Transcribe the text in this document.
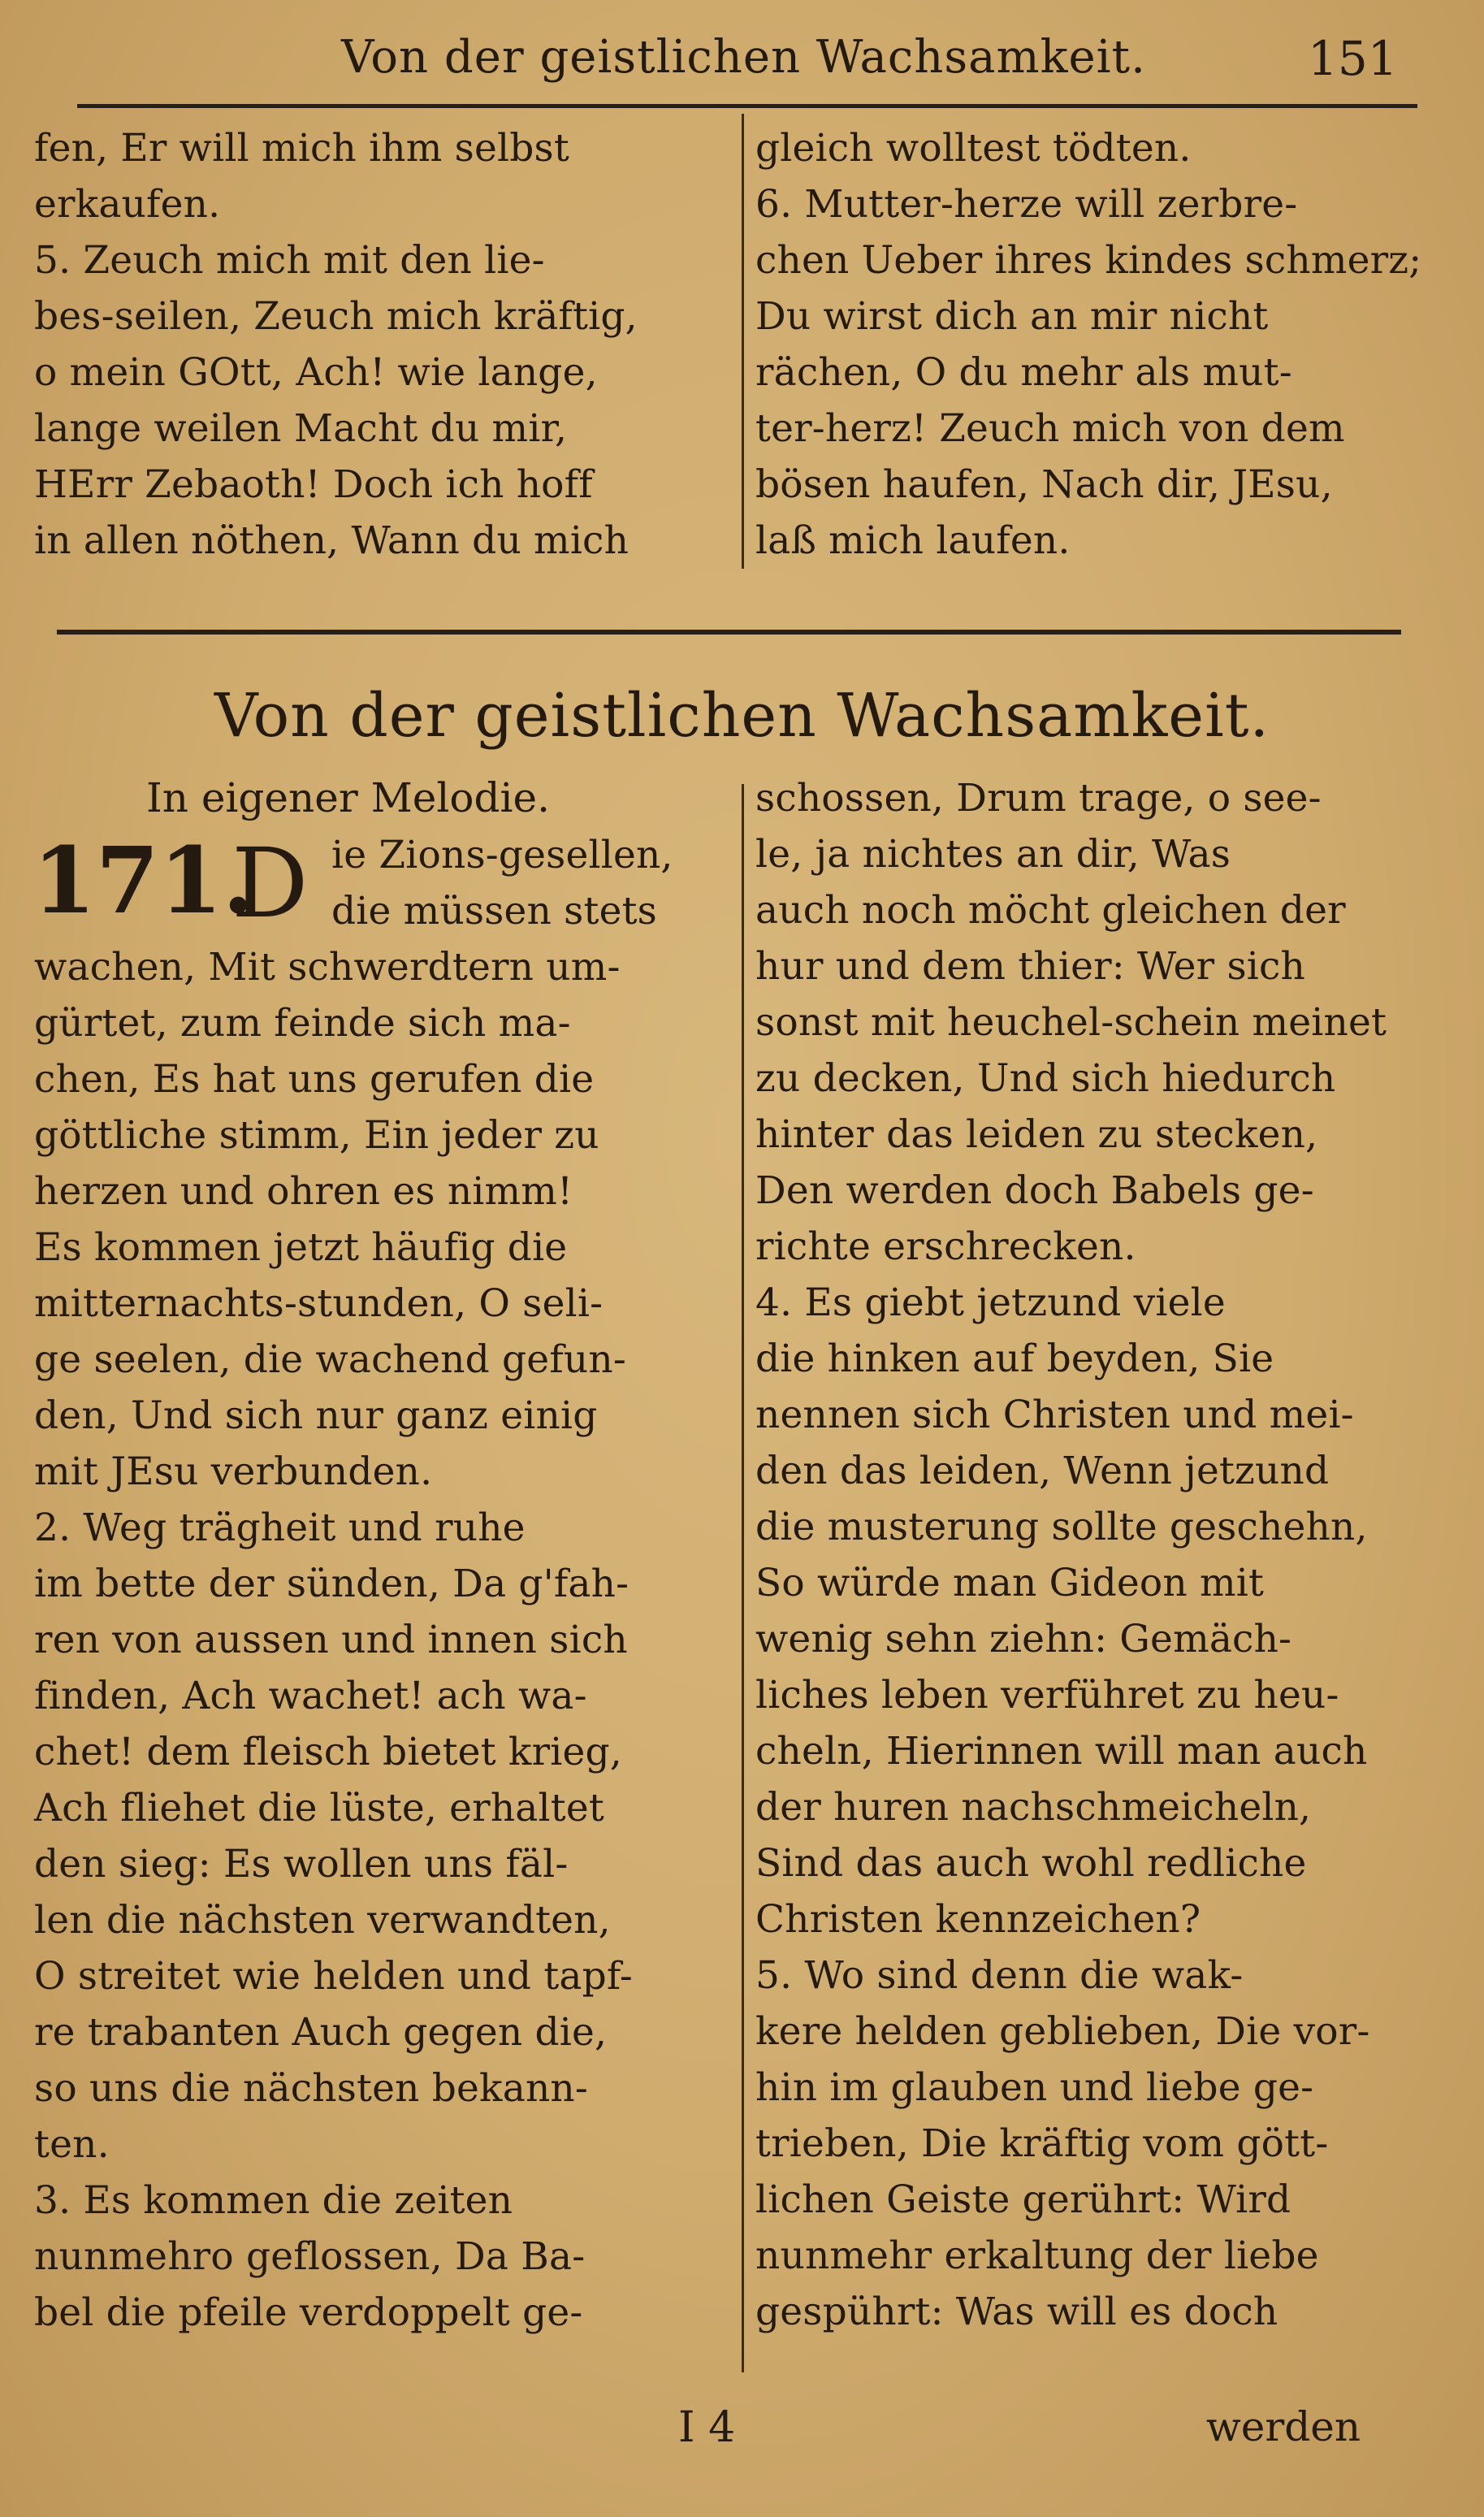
Von der geistlichen Wachsamkeit.	151
fen, Er will mich ihm selbst
erkaufen.
5. Zeuch mich mit den lie-
bes-seilen, Zeuch mich kräftig,
o mein GOtt, Ach! wie lange,
lange weilen Macht du mir,
HErr Zebaoth! Doch ich hoff
in allen nöthen, Wann du mich
gleich wolltest tödten.
6. Mutter-herze will zerbre-
chen Ueber ihres kindes schmerz;
Du wirst dich an mir nicht
rächen, O du mehr als mut-
ter-herz! Zeuch mich von dem
bösen haufen, Nach dir, JEsu,
laß mich laufen.
Von der geistlichen Wachsamkeit.
In eigener Melodie.
171.
D ie Zions-gesellen,
die müssen stets
wachen, Mit schwerdtern um-
gürtet, zum feinde sich ma-
chen, Es hat uns gerufen die
göttliche stimm, Ein jeder zu
herzen und ohren es nimm!
Es kommen jetzt häufig die
mitternachts-stunden, O seli-
ge seelen, die wachend gefun-
den, Und sich nur ganz einig
mit JEsu verbunden.
2. Weg trägheit und ruhe
im bette der sünden, Da g'fah-
ren von aussen und innen sich
finden, Ach wachet! ach wa-
chet! dem fleisch bietet krieg,
Ach fliehet die lüste, erhaltet
den sieg: Es wollen uns fäl-
len die nächsten verwandten,
O streitet wie helden und tapf-
re trabanten Auch gegen die,
so uns die nächsten bekann-
ten.
3. Es kommen die zeiten
nunmehro geflossen, Da Ba-
bel die pfeile verdoppelt ge-
schossen, Drum trage, o see-
le, ja nichtes an dir, Was
auch noch möcht gleichen der
hur und dem thier: Wer sich
sonst mit heuchel-schein meinet
zu decken, Und sich hiedurch
hinter das leiden zu stecken,
Den werden doch Babels ge-
richte erschrecken.
4. Es giebt jetzund viele
die hinken auf beyden, Sie
nennen sich Christen und mei-
den das leiden, Wenn jetzund
die musterung sollte geschehn,
So würde man Gideon mit
wenig sehn ziehn: Gemäch-
liches leben verführet zu heu-
cheln, Hierinnen will man auch
der huren nachschmeicheln,
Sind das auch wohl redliche
Christen kennzeichen?
5. Wo sind denn die wak-
kere helden geblieben, Die vor-
hin im glauben und liebe ge-
trieben, Die kräftig vom gött-
lichen Geiste gerührt: Wird
nunmehr erkaltung der liebe
gespührt: Was will es doch
I 4	werden
